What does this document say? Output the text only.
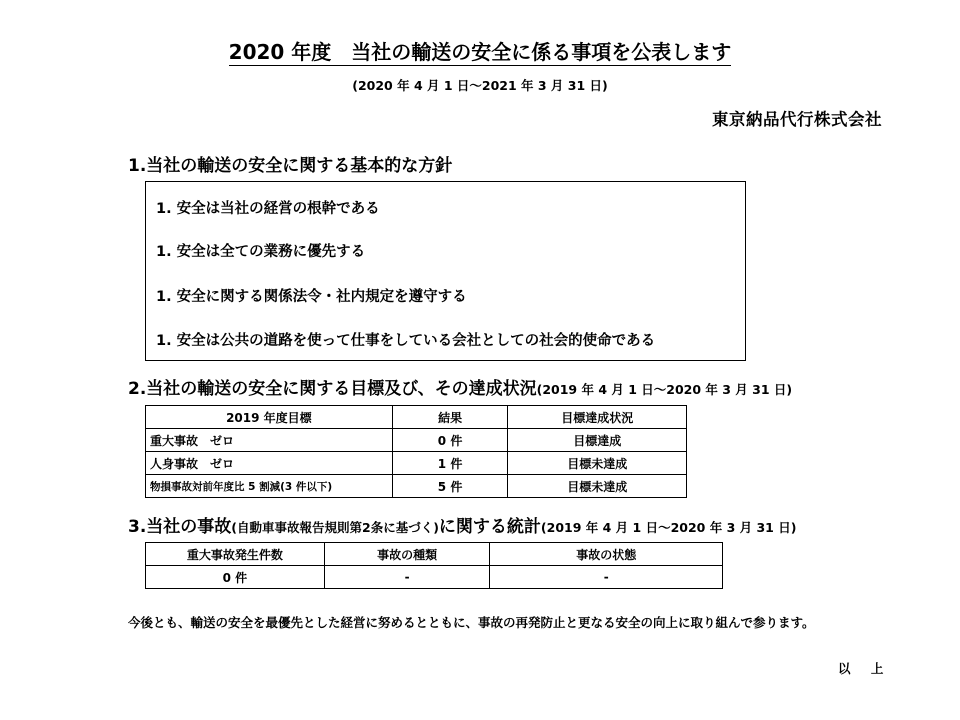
2020 年度　当社の輸送の安全に係る事項を公表します
(2020 年 4 月 1 日～2021 年 3 月 31 日)
東京納品代行株式会社
1.当社の輸送の安全に関する基本的な方針
1. 安全は当社の経営の根幹である
1. 安全は全ての業務に優先する
1. 安全に関する関係法令・社内規定を遵守する
1. 安全は公共の道路を使って仕事をしている会社としての社会的使命である
2.当社の輸送の安全に関する目標及び、その達成状況(2019 年 4 月 1 日～2020 年 3 月 31 日)
2019 年度目標	結果	目標達成状況
重大事故　ゼロ	0 件	目標達成
人身事故　ゼロ	1 件	目標未達成
物損事故対前年度比 5 割減(3 件以下)	5 件	目標未達成
3.当社の事故(自動車事故報告規則第2条に基づく)に関する統計(2019 年 4 月 1 日～2020 年 3 月 31 日)
重大事故発生件数	事故の種類	事故の状態
0 件	-	-
今後とも、輸送の安全を最優先とした経営に努めるとともに、事故の再発防止と更なる安全の向上に取り組んで参ります。
以 上
